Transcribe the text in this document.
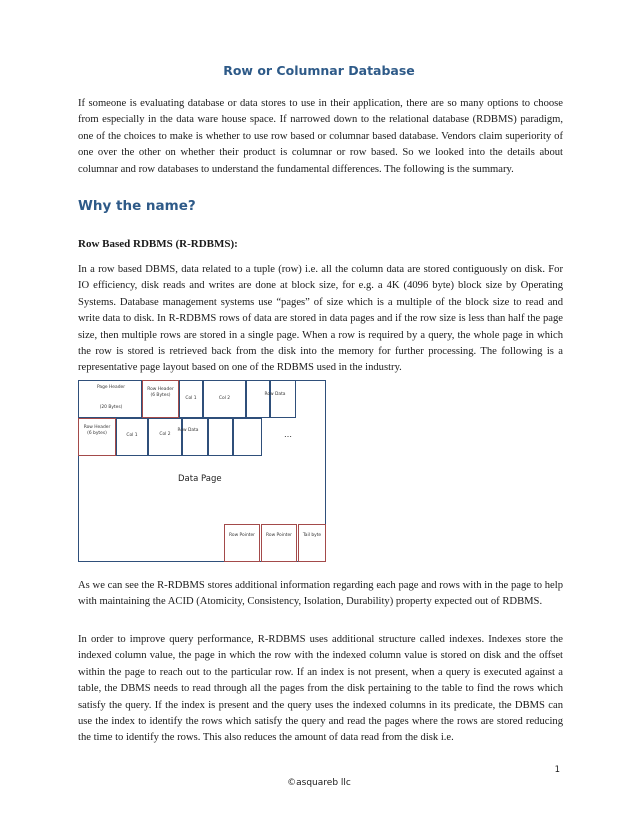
Row or Columnar Database

If someone is evaluating database or data stores to use in their application, there are so many options to choose from especially in the data ware house space. If narrowed down to the relational database (RDBMS) paradigm, one of the choices to make is whether to use row based or columnar based database. Vendors claim superiority of one over the other on whether their product is columnar or row based. So we looked into the details about columnar and row databases to understand the fundamental differences. The following is the summary.

Why the name?
Row Based RDBMS (R-RDBMS):

In a row based DBMS, data related to a tuple (row) i.e. all the column data are stored contiguously on disk. For IO efficiency, disk reads and writes are done at block size, for e.g. a 4K (4096 byte) block size by Operating Systems. Database management systems use “pages” of size which is a multiple of the block size to read and write data to disk. In R-RDBMS rows of data are stored in data pages and if the row size is less than half the page size, then multiple rows are stored in a single page. When a row is required by a query, the whole page in which the row is stored is retrieved back from the disk into the memory for further processing. The following is a representative page layout based on one of the RDBMS used in the industry.

Page Header
(20 Bytes)
Row Header (6 Bytes)
Col 1	Col 2
Row Data
Row Header (6 bytes)	Col 1	Col 2
Row Data	…
Data Page
Row Pointer	Row Pointer	Tail byte

As we can see the R-RDBMS stores additional information regarding each page and rows with in the page to help with maintaining the ACID (Atomicity, Consistency, Isolation, Durability) property expected out of RDBMS.

In order to improve query performance, R-RDBMS uses additional structure called indexes. Indexes store the indexed column value, the page in which the row with the indexed column value is stored on disk and the offset within the page to reach out to the particular row. If an index is not present, when a query is executed against a table, the DBMS needs to read through all the pages from the disk pertaining to the table to find the rows which satisfy the query. If the index is present and the query uses the indexed columns in its predicate, the DBMS can use the index to identify the rows which satisfy the query and read the pages where the rows are stored reducing the time to identify the rows. This also reduces the amount of data read from the disk i.e.

1
©asquareb llc
